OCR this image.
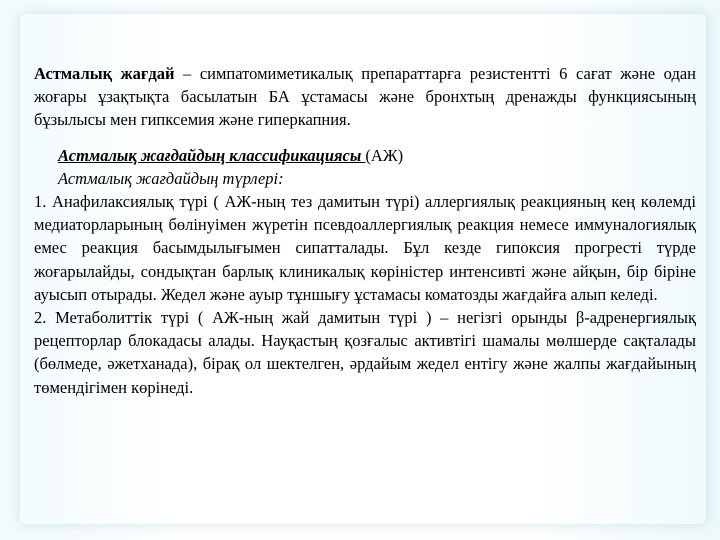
Астмалық жағдай – симпатомиметикалық препараттарға резистентті 6 сағат және одан жоғары ұзақтықта басылатын БА ұстамасы және бронхтың дренажды функциясының бұзылысы мен гипксемия және гиперкапния.

Астмалық жағдайдың классификациясы (АЖ)

Астмалық жағдайдың түрлері:

1. Анафилаксиялық түрі ( АЖ-ның тез дамитын түрі) аллергиялық реакцияның кең көлемді медиаторларының бөлінуімен жүретін псевдоаллергиялық реакция немесе иммуналогиялық емес реакция басымдылығымен сипатталады. Бұл кезде гипоксия прогресті түрде жоғарылайды, сондықтан барлық клиникалық көріністер интенсивті және айқын, бір біріне ауысып отырады. Жедел және ауыр тұншығу ұстамасы коматозды жағдайға алып келеді.

2. Метаболиттік түрі ( АЖ-ның жай дамитын түрі ) – негізгі орынды β-адренергиялық рецепторлар блокадасы алады. Науқастың қозғалыс активтігі шамалы мөлшерде сақталады (бөлмеде, әжетханада), бірақ ол шектелген, әрдайым жедел ентігу және жалпы жағдайының төмендігімен көрінеді.
